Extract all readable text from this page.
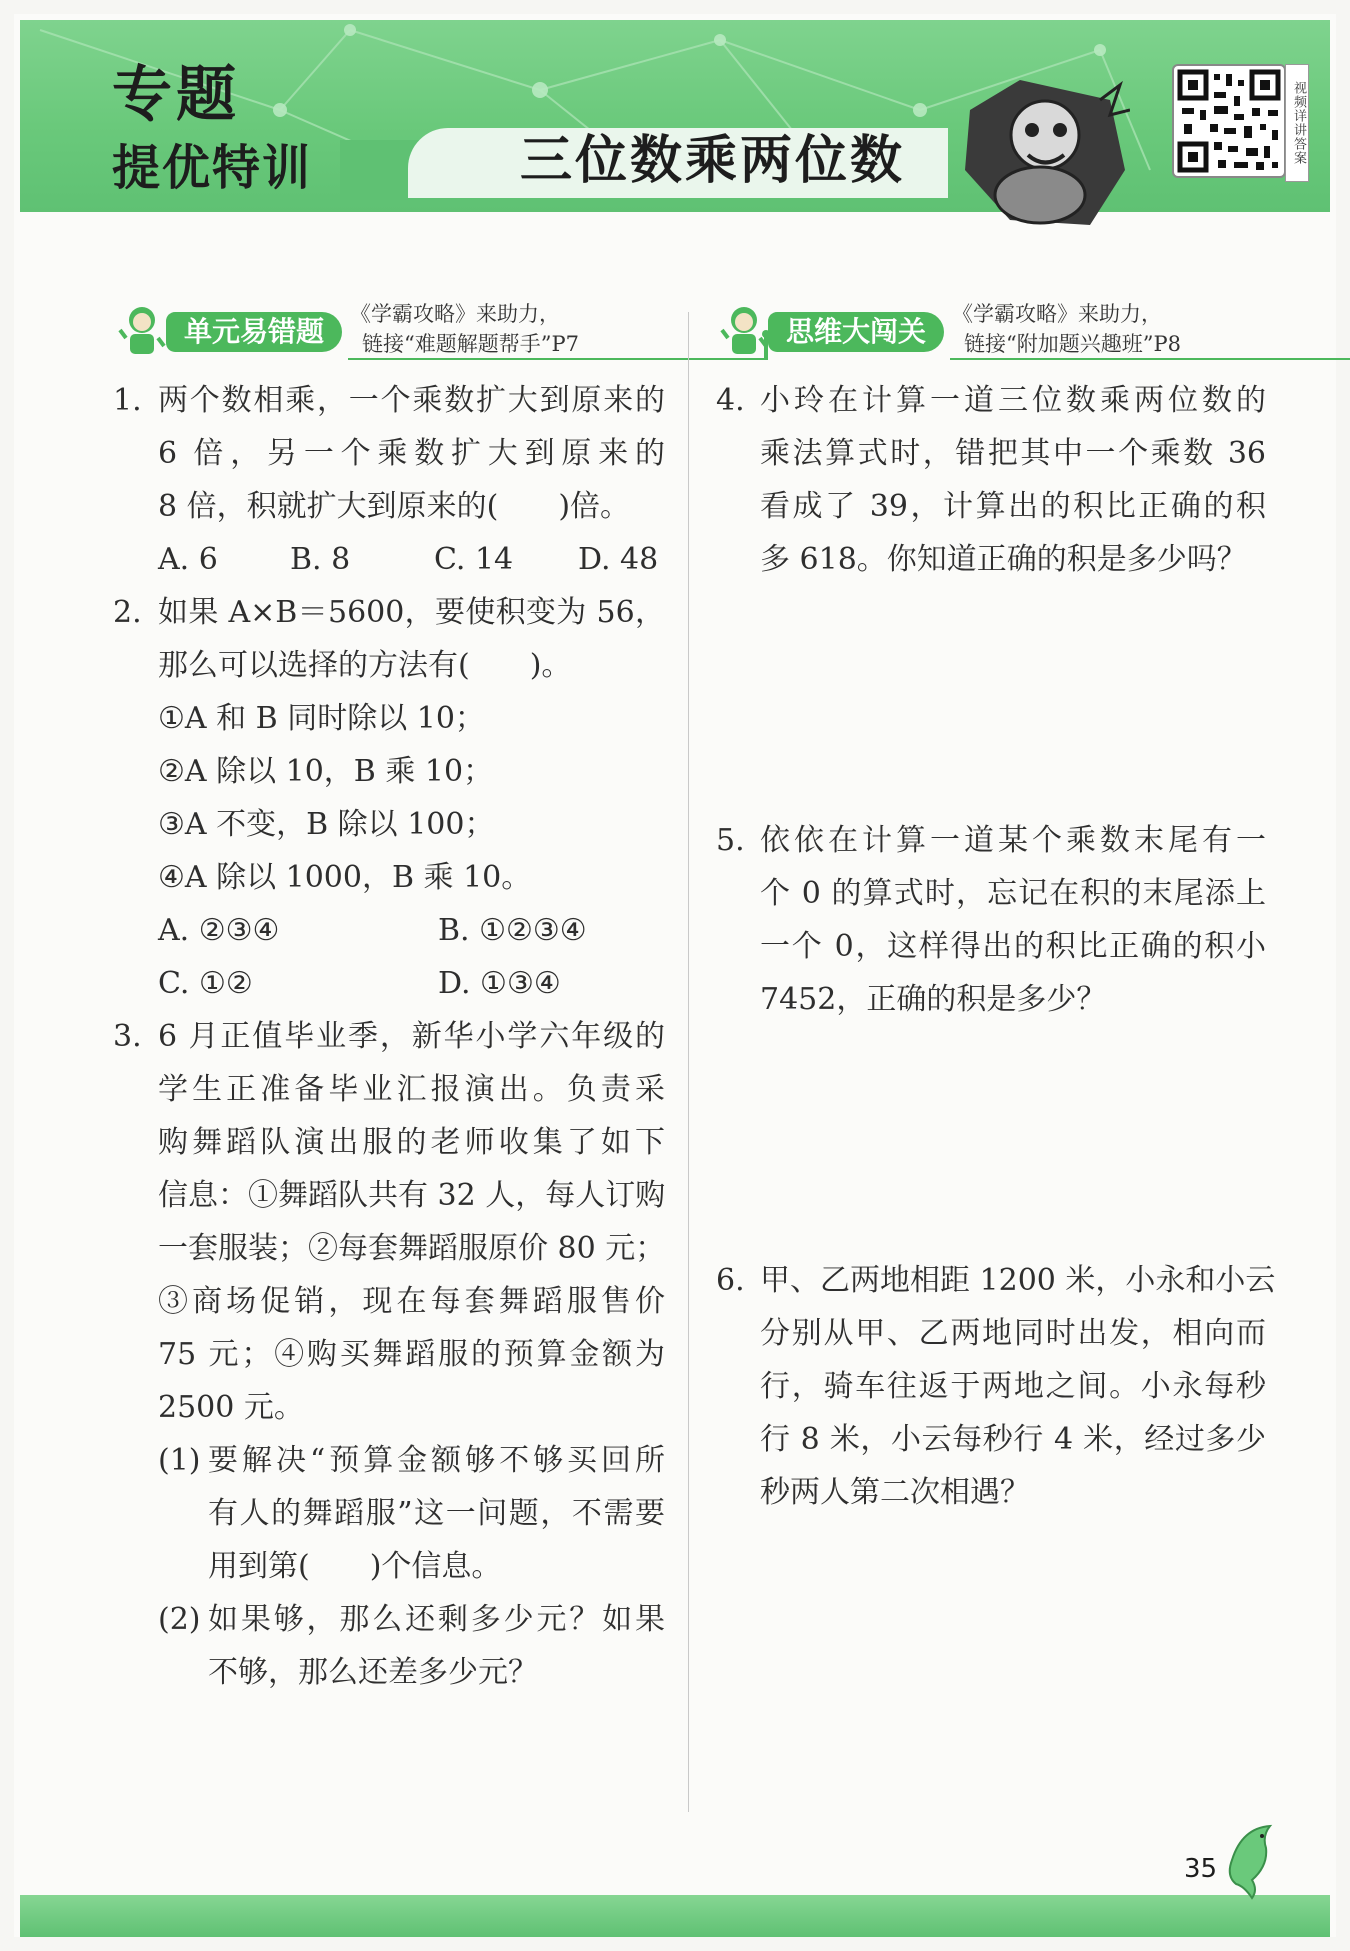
专题
提优特训	三位数乘两位数	视频详讲答案
单元易错题
《学霸攻略》来助力，
链接“难题解题帮手”P7	思维大闯关
《学霸攻略》来助力，
链接“附加题兴趣班”P8
1. 两个数相乘，一个乘数扩大到原来的
6 倍，另一个乘数扩大到原来的
8 倍，积就扩大到原来的(　　)倍。
A. 6 B. 8	C. 14 D. 48
2. 如果 A×B＝5600，要使积变为 56，
那么可以选择的方法有(　　)。
①A 和 B 同时除以 10；
②A 除以 10，B 乘 10；
③A 不变，B 除以 100；
④A 除以 1000，B 乘 10。
A. ②③④	B. ①②③④
C. ①②	D. ①③④
3. 6 月正值毕业季，新华小学六年级的
学生正准备毕业汇报演出。负责采
购舞蹈队演出服的老师收集了如下
信息：①舞蹈队共有 32 人，每人订购
一套服装；②每套舞蹈服原价 80 元；
③商场促销，现在每套舞蹈服售价
75 元；④购买舞蹈服的预算金额为
2500 元。
(1) 要解决“预算金额够不够买回所
有人的舞蹈服”这一问题，不需要
用到第(　　)个信息。
(2) 如果够，那么还剩多少元？如果
不够，那么还差多少元？
4. 小玲在计算一道三位数乘两位数的
乘法算式时，错把其中一个乘数 36
看成了 39，计算出的积比正确的积
多 618。你知道正确的积是多少吗？
5. 依依在计算一道某个乘数末尾有一
个 0 的算式时，忘记在积的末尾添上
一个 0，这样得出的积比正确的积小
7452，正确的积是多少？
6. 甲、乙两地相距 1200 米，小永和小云
分别从甲、乙两地同时出发，相向而
行，骑车往返于两地之间。小永每秒
行 8 米，小云每秒行 4 米，经过多少
秒两人第二次相遇？
35
